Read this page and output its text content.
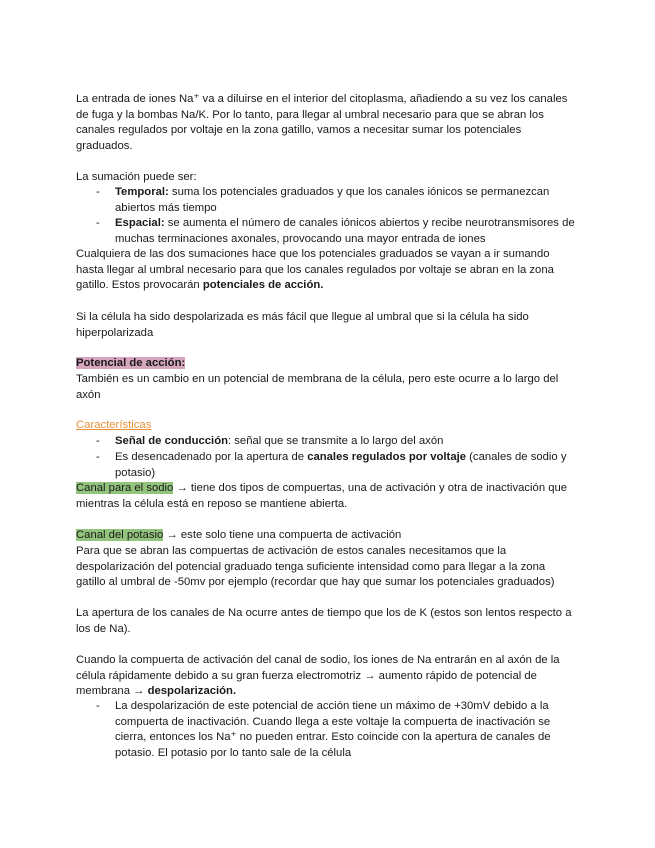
La entrada de iones Na⁺ va a diluirse en el interior del citoplasma, añadiendo a su vez los canales de fuga y la bombas Na/K. Por lo tanto, para llegar al umbral necesario para que se abran los canales regulados por voltaje en la zona gatillo, vamos a necesitar sumar los potenciales graduados.

La sumación puede ser:

- Temporal: suma los potenciales graduados y que los canales iónicos se permanezcan abiertos más tiempo
- Espacial: se aumenta el número de canales iónicos abiertos y recibe neurotransmisores de muchas terminaciones axonales, provocando una mayor entrada de iones

Cualquiera de las dos sumaciones hace que los potenciales graduados se vayan a ir sumando hasta llegar al umbral necesario para que los canales regulados por voltaje se abran en la zona gatillo. Estos provocarán potenciales de acción.

Si la célula ha sido despolarizada es más fácil que llegue al umbral que si la célula ha sido hiperpolarizada

Potencial de acción:

También es un cambio en un potencial de membrana de la célula, pero este ocurre a lo largo del axón

Características

- Señal de conducción: señal que se transmite a lo largo del axón
- Es desencadenado por la apertura de canales regulados por voltaje (canales de sodio y potasio)

Canal para el sodio → tiene dos tipos de compuertas, una de activación y otra de inactivación que mientras la célula está en reposo se mantiene abierta.

Canal del potasio → este solo tiene una compuerta de activación

Para que se abran las compuertas de activación de estos canales necesitamos que la despolarización del potencial graduado tenga suficiente intensidad como para llegar a la zona gatillo al umbral de -50mv por ejemplo (recordar que hay que sumar los potenciales graduados)

La apertura de los canales de Na ocurre antes de tiempo que los de K (estos son lentos respecto a los de Na).

Cuando la compuerta de activación del canal de sodio, los iones de Na entrarán en al axón de la célula rápidamente debido a su gran fuerza electromotriz → aumento rápido de potencial de membrana → despolarización.

- La despolarización de este potencial de acción tiene un máximo de +30mV debido a la compuerta de inactivación. Cuando llega a este voltaje la compuerta de inactivación se cierra, entonces los Na⁺ no pueden entrar. Esto coincide con la apertura de canales de potasio. El potasio por lo tanto sale de la célula
